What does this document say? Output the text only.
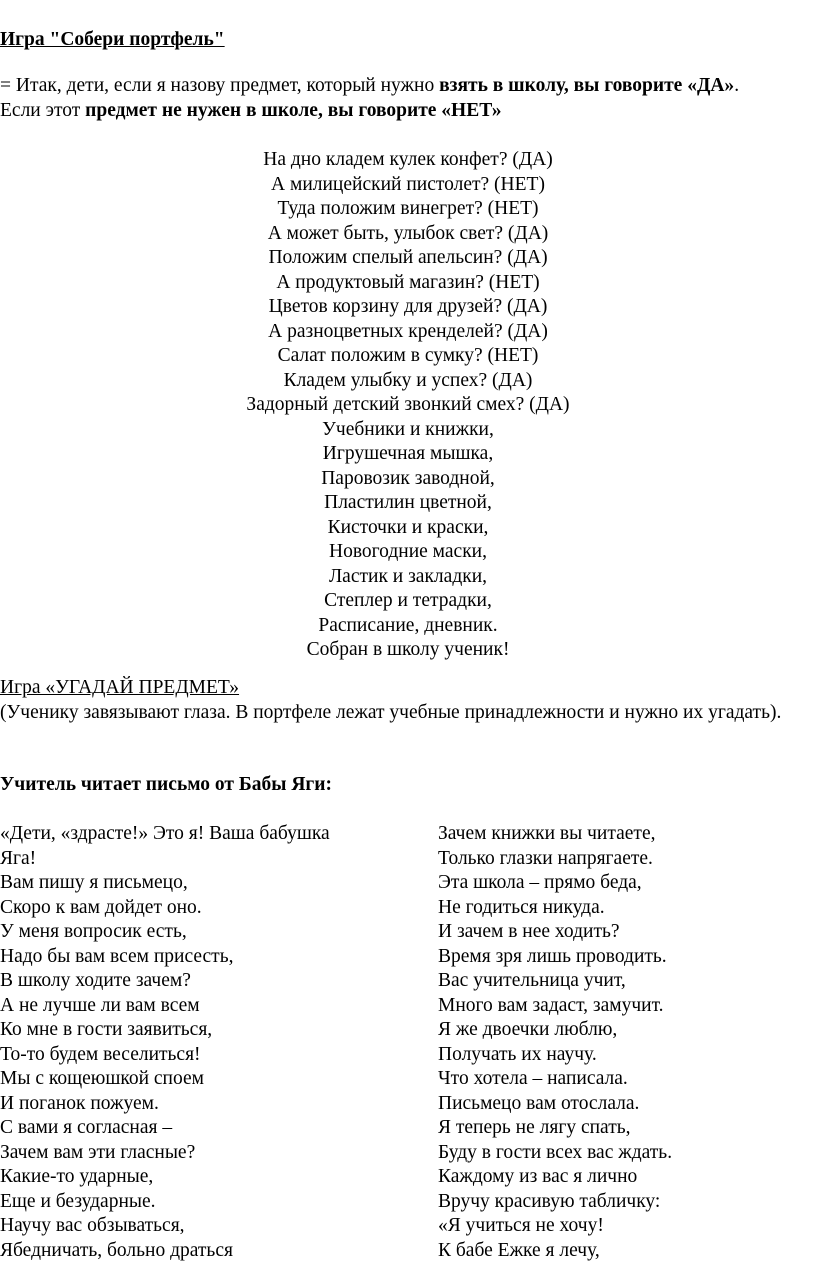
Игра "Собери портфель"
= Итак, дети, если я назову предмет, который нужно взять в школу, вы говорите «ДА».
Если этот предмет не нужен в школе, вы говорите «НЕТ»
На дно кладем кулек конфет? (ДА)
А милицейский пистолет? (НЕТ)
Туда положим винегрет? (НЕТ)
А может быть, улыбок свет? (ДА)
Положим спелый апельсин? (ДА)
А продуктовый магазин? (НЕТ)
Цветов корзину для друзей? (ДА)
А разноцветных кренделей? (ДА)
Салат положим в сумку? (НЕТ)
Кладем улыбку и успех? (ДА)
Задорный детский звонкий смех? (ДА)
Учебники и книжки,
Игрушечная мышка,
Паровозик заводной,
Пластилин цветной,
Кисточки и краски,
Новогодние маски,
Ластик и закладки,
Степлер и тетрадки,
Расписание, дневник.
Собран в школу ученик!
Игра «УГАДАЙ ПРЕДМЕТ»
(Ученику завязывают глаза. В портфеле лежат учебные принадлежности и нужно их угадать).
Учитель читает письмо от Бабы Яги:
«Дети, «здрасте!» Это я! Ваша бабушка
Яга!
Вам пишу я письмецо,
Скоро к вам дойдет оно.
У меня вопросик есть,
Надо бы вам всем присесть,
В школу ходите зачем?
А не лучше ли вам всем
Ко мне в гости заявиться,
То-то будем веселиться!
Мы с кощеюшкой споем
И поганок пожуем.
С вами я согласная –
Зачем вам эти гласные?
Какие-то ударные,
Еще и безударные.
Научу вас обзываться,
Ябедничать, больно драться
Зачем книжки вы читаете,
Только глазки напрягаете.
Эта школа – прямо беда,
Не годиться никуда.
И зачем в нее ходить?
Время зря лишь проводить.
Вас учительница учит,
Много вам задаст, замучит.
Я же двоечки люблю,
Получать их научу.
Что хотела – написала.
Письмецо вам отослала.
Я теперь не лягу спать,
Буду в гости всех вас ждать.
Каждому из вас я лично
Вручу красивую табличку:
«Я учиться не хочу!
К бабе Ежке я лечу,
